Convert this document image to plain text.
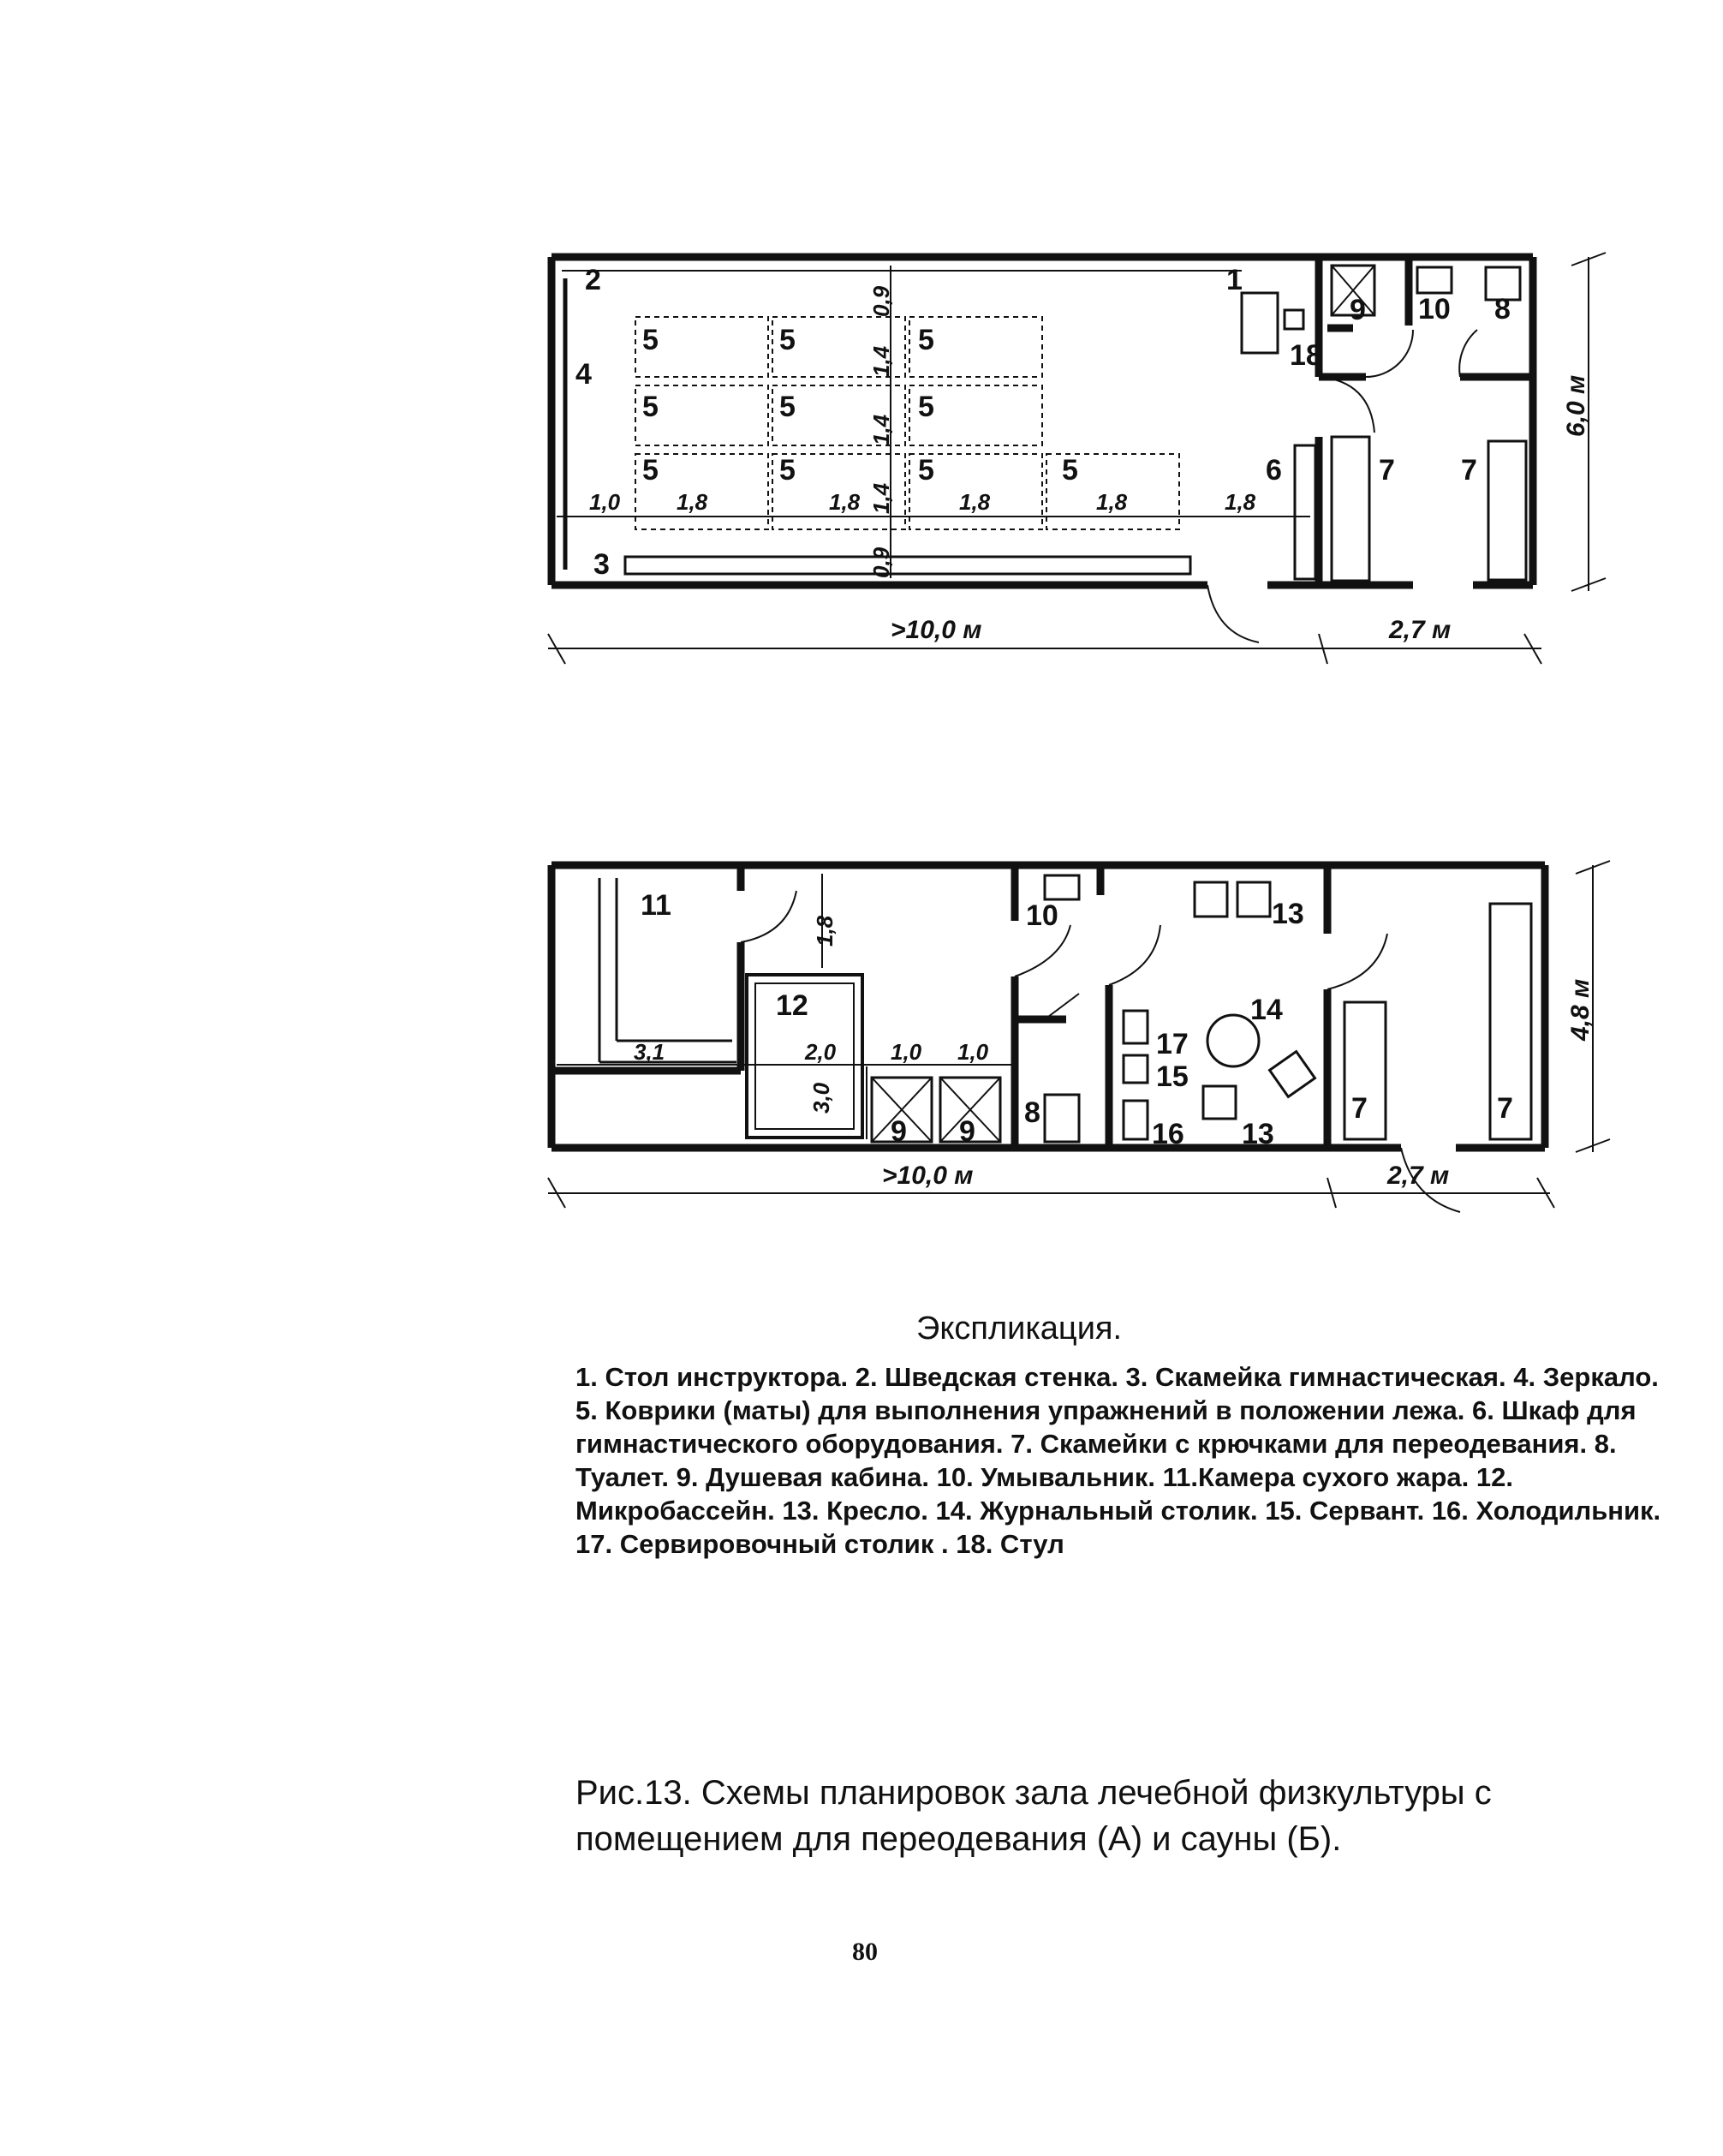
1
2
3
4
5	5	5
5	5	5
5	5	5	5	6	7 7
8
9 10
18
1,0	1,8	1,8	1,8	1,8	1,8
0,9
1,4
1,4
1,4
0,9
>10,0 м	2,7 м
6,0 м
11
12
10	13
14
17
15
16 13
8
9 9
7	7
1,8
3,1	2,0 1,0 1,0
3,0
>10,0 м	2,7 м
4,8 м
Экспликация.
1. Стол инструктора. 2. Шведская стенка. 3. Скамейка гимнастическая. 4. Зеркало. 5. Коврики (маты) для выполнения упражнений в положении лежа. 6. Шкаф для гимнастического оборудования. 7. Скамейки с крючками для переодевания. 8. Туалет. 9. Душевая кабина. 10. Умывальник. 11.Камера сухого жара. 12. Микробассейн. 13. Кресло. 14. Журнальный столик. 15. Сервант. 16. Холодильник. 17. Сервировочный столик . 18. Стул
Рис.13. Схемы планировок зала лечебной физкультуры с помещением для переодевания (А) и сауны (Б).
80
